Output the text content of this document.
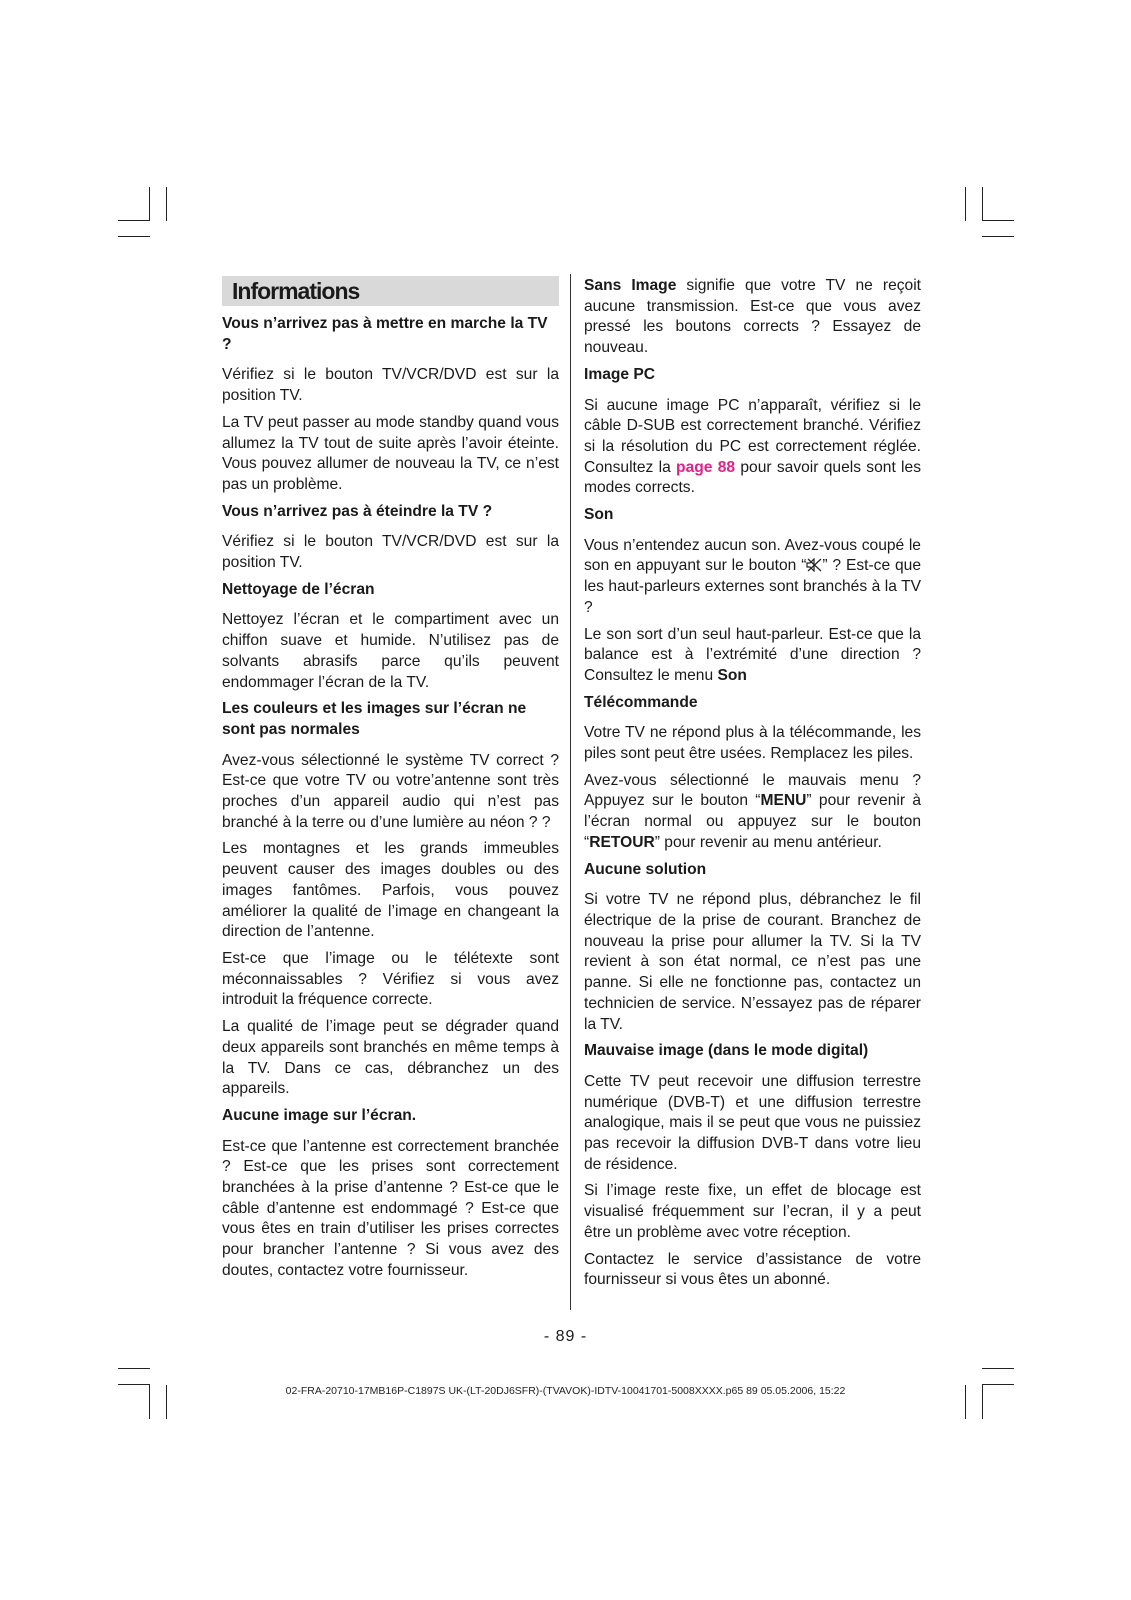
Informations
Vous n’arrivez pas à mettre en marche la TV ?

Vérifiez si le bouton TV/VCR/DVD est sur la position TV.

La TV peut passer au mode standby quand vous allumez la TV tout de suite après l’avoir éteinte. Vous pouvez allumer de nouveau la TV, ce n’est pas un problème.

Vous n’arrivez pas à éteindre la TV ?

Vérifiez si le bouton TV/VCR/DVD est sur la position TV.

Nettoyage de l’écran

Nettoyez l’écran et le compartiment avec un chiffon suave et humide. N’utilisez pas de solvants abrasifs parce qu’ils peuvent endommager l’écran de la TV.

Les couleurs et les images sur l’écran ne sont pas normales

Avez-vous sélectionné le système TV correct ? Est-ce que votre TV ou votre’antenne sont très proches d’un appareil audio qui n’est pas branché à la terre ou d’une lumière au néon ? ?

Les montagnes et les grands immeubles peuvent causer des images doubles ou des images fantômes. Parfois, vous pouvez améliorer la qualité de l’image en changeant la direction de l’antenne.

Est-ce que l’image ou le télétexte sont méconnaissables ? Vérifiez si vous avez introduit la fréquence correcte.

La qualité de l’image peut se dégrader quand deux appareils sont branchés en même temps à la TV. Dans ce cas, débranchez un des appareils.

Aucune image sur l’écran.

Est-ce que l’antenne est correctement branchée ? Est-ce que les prises sont correctement branchées à la prise d’antenne ? Est-ce que le câble d’antenne est endommagé ? Est-ce que vous êtes en train d’utiliser les prises correctes pour brancher l’antenne ? Si vous avez des doutes, contactez votre fournisseur.

Sans Image signifie que votre TV ne reçoit aucune transmission. Est-ce que vous avez pressé les boutons corrects ? Essayez de nouveau.

Image PC

Si aucune image PC n’apparaît, vérifiez si le câble D-SUB est correctement branché. Vérifiez si la résolution du PC est correctement réglée. Consultez la page 88 pour savoir quels sont les modes corrects.

Son

Vous n’entendez aucun son. Avez-vous coupé le son en appuyant sur le bouton “ ” ? Est-ce que les haut-parleurs externes sont branchés à la TV ?

Le son sort d’un seul haut-parleur. Est-ce que la balance est à l’extrémité d’une direction ? Consultez le menu Son

Télécommande

Votre TV ne répond plus à la télécommande, les piles sont peut être usées. Remplacez les piles.

Avez-vous sélectionné le mauvais menu ? Appuyez sur le bouton “MENU” pour revenir à l’écran normal ou appuyez sur le bouton “RETOUR” pour revenir au menu antérieur.

Aucune solution

Si votre TV ne répond plus, débranchez le fil électrique de la prise de courant. Branchez de nouveau la prise pour allumer la TV. Si la TV revient à son état normal, ce n’est pas une panne. Si elle ne fonctionne pas, contactez un technicien de service. N’essayez pas de réparer la TV.

Mauvaise image (dans le mode digital)

Cette TV peut recevoir une diffusion terrestre numérique (DVB-T) et une diffusion terrestre analogique, mais il se peut que vous ne puissiez pas recevoir la diffusion DVB-T dans votre lieu de résidence.

Si l’image reste fixe, un effet de blocage est visualisé fréquemment sur l’ecran, il y a peut être un problème avec votre réception.

Contactez le service d’assistance de votre fournisseur si vous êtes un abonné.

- 89 -
02-FRA-20710-17MB16P-C1897S UK-(LT-20DJ6SFR)-(TVAVOK)-IDTV-10041701-5008XXXX.p65 89 05.05.2006, 15:22
